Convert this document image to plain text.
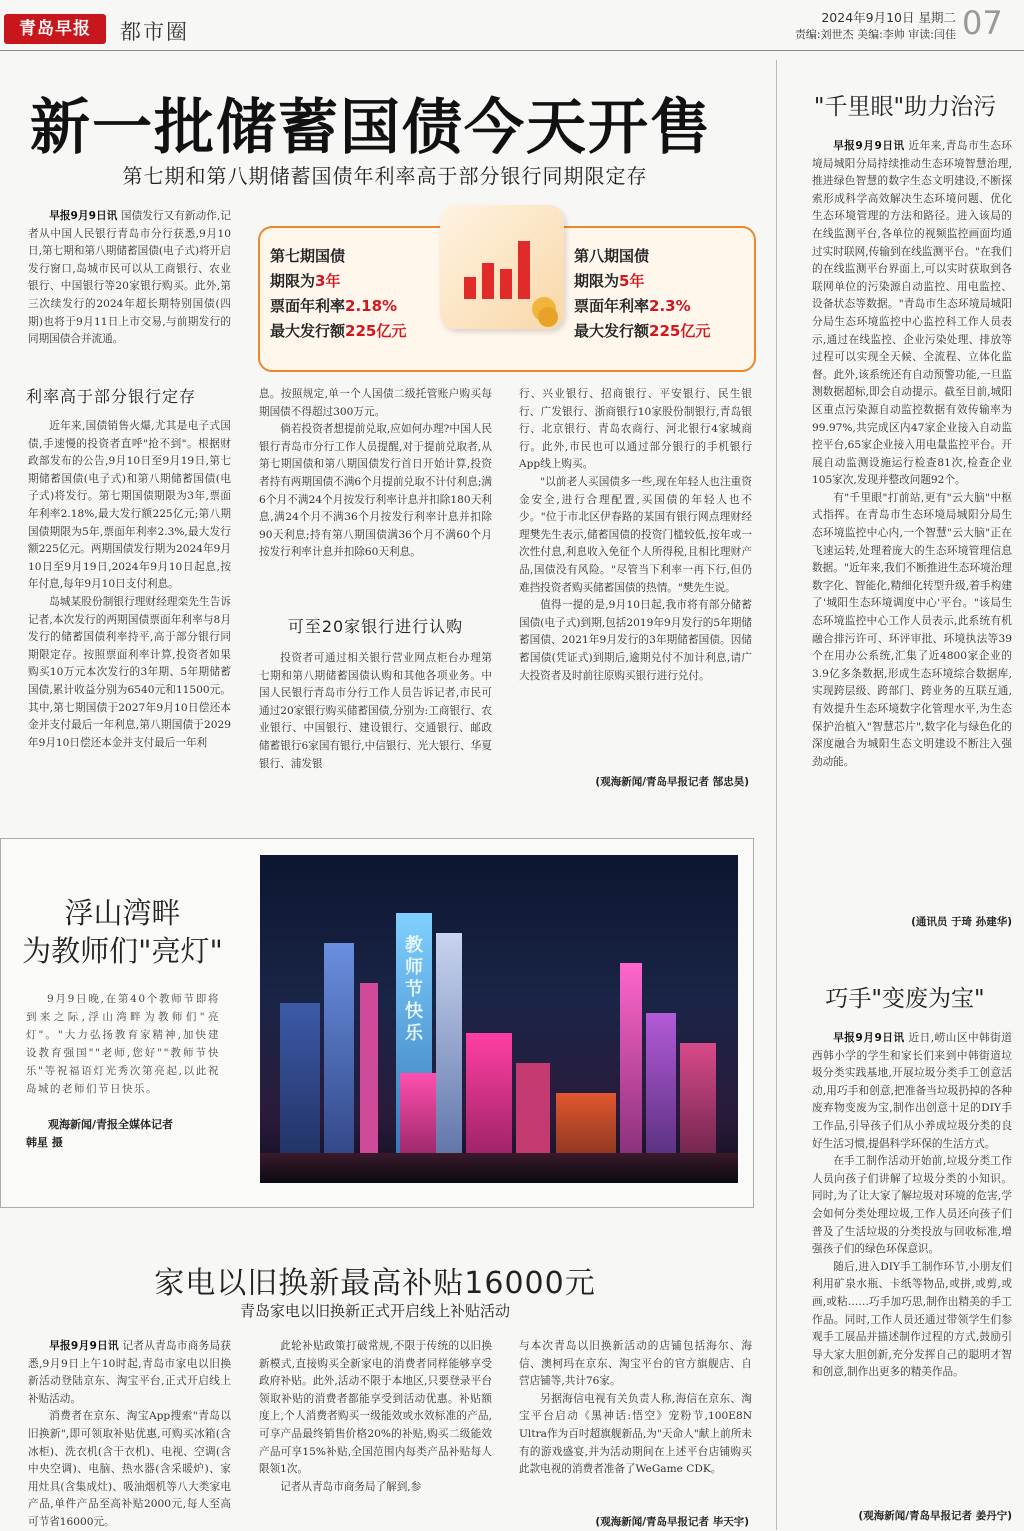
青岛早报	都市圈
2024年9月10日 星期二
责编:刘世杰 美编:李帅 审读:闫佳 07
新一批储蓄国债今天开售
第七期和第八期储蓄国债年利率高于部分银行同期限定存

早报9月9日讯 国债发行又有新动作,记者从中国人民银行青岛市分行获悉,9月10日,第七期和第八期储蓄国债(电子式)将开启发行窗口,岛城市民可以从工商银行、农业银行、中国银行等20家银行购买。此外,第三次续发行的2024年超长期特别国债(四期)也将于9月11日上市交易,与前期发行的同期国债合并流通。

第七期国债
期限为3年
票面年利率2.18%
最大发行额225亿元
第八期国债
期限为5年
票面年利率2.3%
最大发行额225亿元
利率高于部分银行定存

近年来,国债销售火爆,尤其是电子式国债,手速慢的投资者直呼"抢不到"。根据财政部发布的公告,9月10日至9月19日,第七期储蓄国债(电子式)和第八期储蓄国债(电子式)将发行。第七期国债期限为3年,票面年利率2.18%,最大发行额225亿元;第八期国债期限为5年,票面年利率2.3%,最大发行额225亿元。两期国债发行期为2024年9月10日至9月19日,2024年9月10日起息,按年付息,每年9月10日支付利息。

岛城某股份制银行理财经理栾先生告诉记者,本次发行的两期国债票面年利率与8月发行的储蓄国债利率持平,高于部分银行同期限定存。按照票面利率计算,投资者如果购买10万元本次发行的3年期、5年期储蓄国债,累计收益分别为6540元和11500元。其中,第七期国债于2027年9月10日偿还本金并支付最后一年利息,第八期国债于2029年9月10日偿还本金并支付最后一年利

息。按照规定,单一个人国债二级托管账户购买每期国债不得超过300万元。

倘若投资者想提前兑取,应如何办理?中国人民银行青岛市分行工作人员提醒,对于提前兑取者,从第七期国债和第八期国债发行首日开始计算,投资者持有两期国债不满6个月提前兑取不计付利息;满6个月不满24个月按发行利率计息并扣除180天利息,满24个月不满36个月按发行利率计息并扣除90天利息;持有第八期国债满36个月不满60个月按发行利率计息并扣除60天利息。

可至20家银行进行认购

投资者可通过相关银行营业网点柜台办理第七期和第八期储蓄国债认购和其他各项业务。中国人民银行青岛市分行工作人员告诉记者,市民可通过20家银行购买储蓄国债,分别为:工商银行、农业银行、中国银行、建设银行、交通银行、邮政储蓄银行6家国有银行,中信银行、光大银行、华夏银行、浦发银

行、兴业银行、招商银行、平安银行、民生银行、广发银行、浙商银行10家股份制银行,青岛银行、北京银行、青岛农商行、河北银行4家城商行。此外,市民也可以通过部分银行的手机银行App线上购买。

"以前老人买国债多一些,现在年轻人也注重资金安全,进行合理配置,买国债的年轻人也不少。"位于市北区伊春路的某国有银行网点理财经理樊先生表示,储蓄国债的投资门槛较低,按年或一次性付息,利息收入免征个人所得税,且相比理财产品,国债没有风险。"尽管当下利率一再下行,但仍难挡投资者购买储蓄国债的热情。"樊先生说。

值得一提的是,9月10日起,我市将有部分储蓄国债(电子式)到期,包括2019年9月发行的5年期储蓄国债、2021年9月发行的3年期储蓄国债。因储蓄国债(凭证式)到期后,逾期兑付不加计利息,请广大投资者及时前往原购买银行进行兑付。

(观海新闻/青岛早报记者 郜忠昊)
浮山湾畔
为教师们"亮灯"
9月9日晚,在第40个教师节即将到来之际,浮山湾畔为教师们"亮灯"。"大力弘扬教育家精神,加快建设教育强国""老师,您好""教师节快乐"等祝福语灯光秀次第亮起,以此祝岛城的老师们节日快乐。
观海新闻/青报全媒体记者
韩星 摄
教师节快乐
家电以旧换新最高补贴16000元
青岛家电以旧换新正式开启线上补贴活动

早报9月9日讯 记者从青岛市商务局获悉,9月9日上午10时起,青岛市家电以旧换新活动登陆京东、淘宝平台,正式开启线上补贴活动。

消费者在京东、淘宝App搜索"青岛以旧换新",即可领取补贴优惠,可购买冰箱(含冰柜)、洗衣机(含干衣机)、电视、空调(含中央空调)、电脑、热水器(含采暖炉)、家用灶具(含集成灶)、吸油烟机等八大类家电产品,单件产品至高补贴2000元,每人至高可节省16000元。

此轮补贴政策打破常规,不限于传统的以旧换新模式,直接购买全新家电的消费者同样能够享受政府补贴。此外,活动不限于本地区,只要登录平台领取补贴的消费者都能享受到活动优惠。补贴额度上,个人消费者购买一级能效或水效标准的产品,可享产品最终销售价格20%的补贴,购买二级能效产品可享15%补贴,全国范围内每类产品补贴每人限领1次。

记者从青岛市商务局了解到,参

与本次青岛以旧换新活动的店铺包括海尔、海信、澳柯玛在京东、淘宝平台的官方旗舰店、自营店铺等,共计76家。

另据海信电视有关负责人称,海信在京东、淘宝平台启动《黑神话:悟空》宠粉节,100E8N Ultra作为百吋超旗舰新品,为"天命人"献上前所未有的游戏盛宴,并为活动期间在上述平台店铺购买此款电视的消费者准备了WeGame CDK。

(观海新闻/青岛早报记者 毕天宇)
"千里眼"助力治污

早报9月9日讯 近年来,青岛市生态环境局城阳分局持续推动生态环境智慧治理,推进绿色智慧的数字生态文明建设,不断探索形成科学高效解决生态环境问题、优化生态环境管理的方法和路径。进入该局的在线监测平台,各单位的视频监控画面均通过实时联网,传输到在线监测平台。"在我们的在线监测平台界面上,可以实时获取到各联网单位的污染源自动监控、用电监控、设备状态等数据。"青岛市生态环境局城阳分局生态环境监控中心监控科工作人员表示,通过在线监控、企业污染处理、排放等过程可以实现全天候、全流程、立体化监督。此外,该系统还有自动预警功能,一旦监测数据超标,即会自动提示。截至目前,城阳区重点污染源自动监控数据有效传输率为99.97%,共完成区内47家企业接入自动监控平台,65家企业接入用电量监控平台。开展自动监测设施运行检查81次,检查企业105家次,发现并整改问题92个。

有"千里眼"打前站,更有"云大脑"中枢式指挥。在青岛市生态环境局城阳分局生态环境监控中心内,一个智慧"云大脑"正在飞速运转,处理着庞大的生态环境管理信息数据。"近年来,我们不断推进生态环境治理数字化、智能化,精细化转型升级,着手构建了'城阳生态环境调度中心'平台。"该局生态环境监控中心工作人员表示,此系统有机融合排污许可、环评审批、环境执法等39个在用办公系统,汇集了近4800家企业的3.9亿多条数据,形成生态环境综合数据库,实现跨层级、跨部门、跨业务的互联互通,有效提升生态环境数字化管理水平,为生态保护治植入"智慧芯片",数字化与绿色化的深度融合为城阳生态文明建设不断注入强劲动能。

(通讯员 于琦 孙建华)
巧手"变废为宝"

早报9月9日讯 近日,崂山区中韩街道西韩小学的学生和家长们来到中韩街道垃圾分类实践基地,开展垃圾分类手工创意活动,用巧手和创意,把准备当垃圾扔掉的各种废弃物变废为宝,制作出创意十足的DIY手工作品,引导孩子们从小养成垃圾分类的良好生活习惯,提倡科学环保的生活方式。

在手工制作活动开始前,垃圾分类工作人员向孩子们讲解了垃圾分类的小知识。同时,为了让大家了解垃圾对环境的危害,学会如何分类处理垃圾,工作人员还向孩子们普及了生活垃圾的分类投放与回收标准,增强孩子们的绿色环保意识。

随后,进入DIY手工制作环节,小朋友们利用矿泉水瓶、卡纸等物品,或拼,或剪,或画,或粘……巧手加巧思,制作出精美的手工作品。同时,工作人员还通过带领学生们参观手工展品并描述制作过程的方式,鼓励引导大家大胆创新,充分发挥自己的聪明才智和创意,制作出更多的精美作品。

(观海新闻/青岛早报记者 姜丹宁)
